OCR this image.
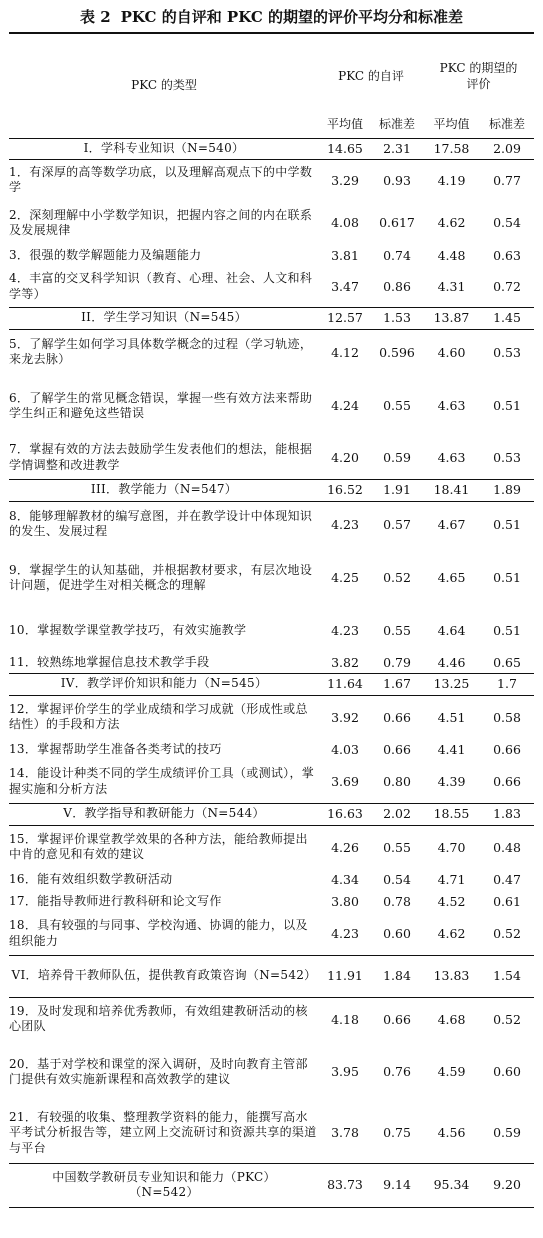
表 2 PKC 的自评和 PKC 的期望的评价平均分和标准差
PKC 的类型	PKC 的自评		PKC 的期望的评价	

	平均值	标准差	平均值	标准差
I．学科专业知识（N=540）	14.65	2.31	17.58	2.09
1．有深厚的高等数学功底，以及理解高观点下的中学数学	3.29	0.93	4.19	0.77
2．深刻理解中小学数学知识，把握内容之间的内在联系及发展规律	4.08	0.617	4.62	0.54
3．很强的数学解题能力及编题能力	3.81	0.74	4.48	0.63
4．丰富的交叉科学知识（教育、心理、社会、人文和科学等）	3.47	0.86	4.31	0.72
II．学生学习知识（N=545）	12.57	1.53	13.87	1.45
5．了解学生如何学习具体数学概念的过程（学习轨迹，来龙去脉）	4.12	0.596	4.60	0.53
6．了解学生的常见概念错误，掌握一些有效方法来帮助学生纠正和避免这些错误	4.24	0.55	4.63	0.51
7．掌握有效的方法去鼓励学生发表他们的想法，能根据学情调整和改进教学	4.20	0.59	4.63	0.53
III．教学能力（N=547）	16.52	1.91	18.41	1.89
8．能够理解教材的编写意图，并在教学设计中体现知识的发生、发展过程	4.23	0.57	4.67	0.51
9．掌握学生的认知基础，并根据教材要求，有层次地设计问题，促进学生对相关概念的理解	4.25	0.52	4.65	0.51
10．掌握数学课堂教学技巧，有效实施教学	4.23	0.55	4.64	0.51
11．较熟练地掌握信息技术教学手段	3.82	0.79	4.46	0.65
IV．教学评价知识和能力（N=545）	11.64	1.67	13.25	1.7
12．掌握评价学生的学业成绩和学习成就（形成性或总结性）的手段和方法	3.92	0.66	4.51	0.58
13．掌握帮助学生准备各类考试的技巧	4.03	0.66	4.41	0.66
14．能设计种类不同的学生成绩评价工具（或测试），掌握实施和分析方法	3.69	0.80	4.39	0.66
V．教学指导和教研能力（N=544）	16.63	2.02	18.55	1.83
15．掌握评价课堂教学效果的各种方法，能给教师提出中肯的意见和有效的建议	4.26	0.55	4.70	0.48
16．能有效组织数学教研活动	4.34	0.54	4.71	0.47
17．能指导教师进行教科研和论文写作	3.80	0.78	4.52	0.61
18．具有较强的与同事、学校沟通、协调的能力，以及组织能力	4.23	0.60	4.62	0.52
VI．培养骨干教师队伍，提供教育政策咨询（N=542）	11.91	1.84	13.83	1.54
19．及时发现和培养优秀教师，有效组建教研活动的核心团队	4.18	0.66	4.68	0.52
20．基于对学校和课堂的深入调研，及时向教育主管部门提供有效实施新课程和高效教学的建议	3.95	0.76	4.59	0.60
21．有较强的收集、整理教学资料的能力，能撰写高水平考试分析报告等，建立网上交流研讨和资源共享的渠道与平台	3.78	0.75	4.56	0.59
中国数学教研员专业知识和能力（PKC）（N=542）	83.73	9.14	95.34	9.20
